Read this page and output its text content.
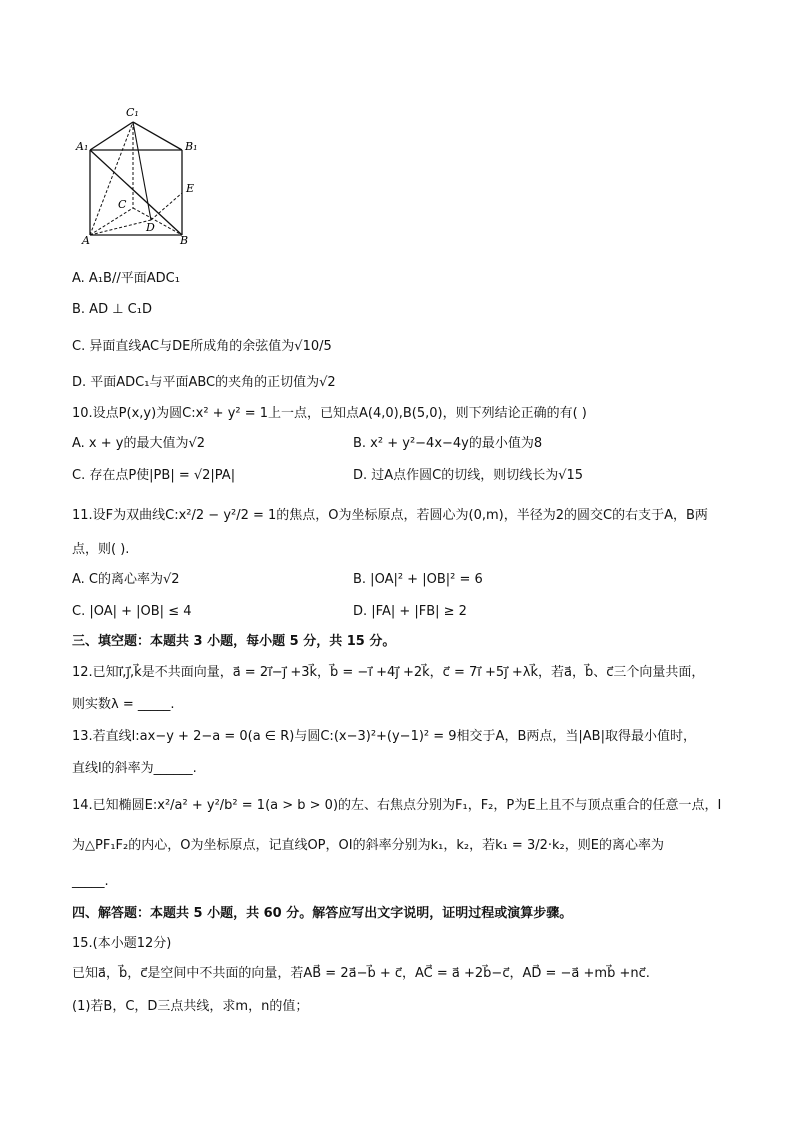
C₁
A₁	B₁
E
C
D
A	B
A. A₁B//平面ADC₁
B. AD ⊥ C₁D
C. 异面直线AC与DE所成角的余弦值为√10/5
D. 平面ADC₁与平面ABC的夹角的正切值为√2
10.设点P(x,y)为圆C:x² + y² = 1上一点，已知点A(4,0),B(5,0)，则下列结论正确的有( )
A. x + y的最大值为√2	B. x² + y²−4x−4y的最小值为8
C. 存在点P使|PB| = √2|PA|	D. 过A点作圆C的切线，则切线长为√15
11.设F为双曲线C:x²/2 − y²/2 = 1的焦点，O为坐标原点，若圆心为(0,m)，半径为2的圆交C的右支于A，B两
点，则( ).
A. C的离心率为√2	B. |OA|² + |OB|² = 6
C. |OA| + |OB| ≤ 4	D. |FA| + |FB| ≥ 2
三、填空题：本题共 3 小题，每小题 5 分，共 15 分。
12.已知i⃗,j⃗,k⃗是不共面向量，a⃗ = 2i⃗−j⃗ +3k⃗，b⃗ = −i⃗ +4j⃗ +2k⃗，c⃗ = 7i⃗ +5j⃗ +λk⃗，若a⃗，b⃗、c⃗三个向量共面，
则实数λ = _____.
13.若直线l:ax−y + 2−a = 0(a ∈ R)与圆C:(x−3)²+(y−1)² = 9相交于A，B两点，当|AB|取得最小值时，
直线l的斜率为______.
14.已知椭圆E:x²/a² + y²/b² = 1(a > b > 0)的左、右焦点分别为F₁，F₂，P为E上且不与顶点重合的任意一点，I
为△PF₁F₂的内心，O为坐标原点，记直线OP，OI的斜率分别为k₁，k₂，若k₁ = 3/2·k₂，则E的离心率为
_____.
四、解答题：本题共 5 小题，共 60 分。解答应写出文字说明，证明过程或演算步骤。
15.(本小题12分)
已知a⃗，b⃗，c⃗是空间中不共面的向量，若AB⃗ = 2a⃗−b⃗ + c⃗，AC⃗ = a⃗ +2b⃗−c⃗，AD⃗ = −a⃗ +mb⃗ +nc⃗.
(1)若B，C，D三点共线，求m，n的值；
